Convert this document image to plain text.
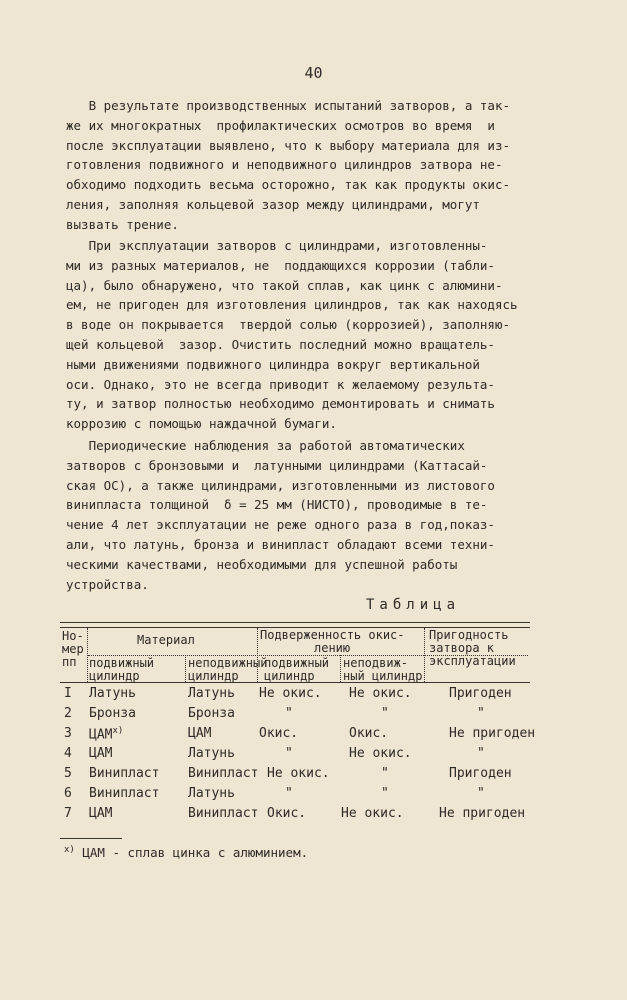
40
В результате производственных испытаний затворов, а так-
же их многократных  профилактических осмотров во время  и
после эксплуатации выявлено, что к выбору материала для из-
готовления подвижного и неподвижного цилиндров затвора не-
обходимо подходить весьма осторожно, так как продукты окис-
ления, заполняя кольцевой зазор между цилиндрами, могут
вызвать трение.
При эксплуатации затворов с цилиндрами, изготовленны-
ми из разных материалов, не  поддающихся коррозии (табли-
ца), было обнаружено, что такой сплав, как цинк с алюмини-
ем, не пригоден для изготовления цилиндров, так как находясь
в воде он покрывается  твердой солью (коррозией), заполняю-
щей кольцевой  зазор. Очистить последний можно вращатель-
ными движениями подвижного цилиндра вокруг вертикальной
оси. Однако, это не всегда приводит к желаемому результа-
ту, и затвор полностью необходимо демонтировать и снимать
коррозию с помощью наждачной бумаги.
Периодические наблюдения за работой автоматических
затворов с бронзовыми и  латунными цилиндрами (Каттасай-
ская ОС), а также цилиндрами, изготовленными из листового
винипласта толщиной  δ = 25 мм (НИСТО), проводимые в те-
чение 4 лет эксплуатации не реже одного раза в год,показ-
али, что латунь, бронза и винипласт обладают всеми техни-
ческими качествами, необходимыми для успешной работы
устройства.
Таблица
Но-
мер
пп
Материал
подвижный
цилиндр
неподвижный
цилиндр
Подверженность окис-
лению
подвижный
цилиндр
неподвиж-
ный цилиндр
Пригодность
затвора к
эксплуатации
I Латунь	Латунь Не окис. Не окис.	Пригоден
2 Бронза	Бронза	"	"	"
3 $ЦАМ^{х)}$	ЦАМ	Окис.	Окис.	Не пригоден
4 ЦАМ	Латунь	"	Не окис.	"
5 Винипласт Винипласт Не окис.	"	Пригоден
6 Винипласт Латунь	"	"	"
7 ЦАМ	Винипласт Окис.	Не окис.	Не пригоден
$^{х)}$ ЦАМ - сплав цинка с алюминием.
